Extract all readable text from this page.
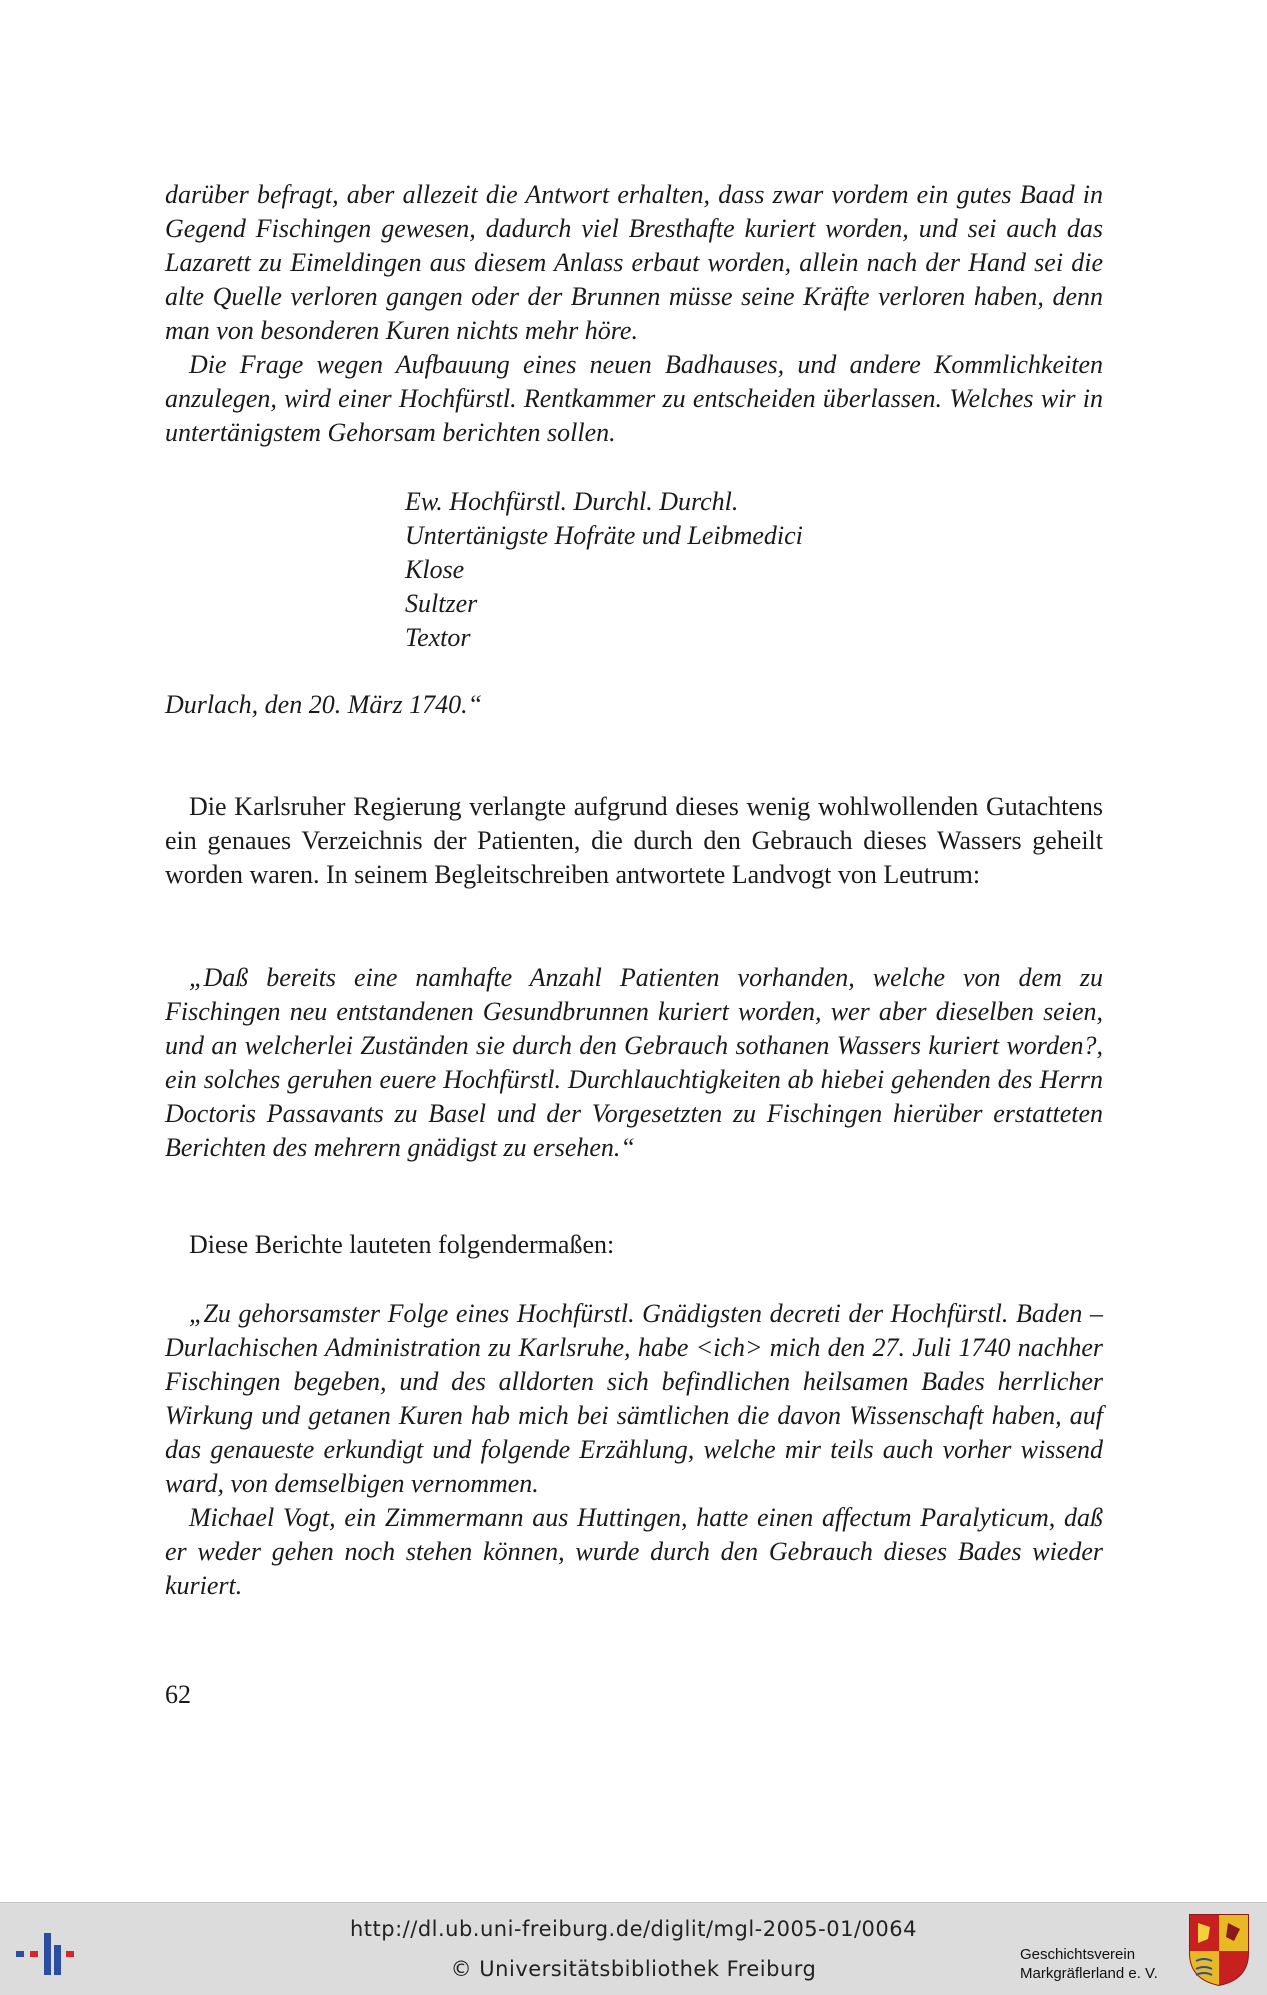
darüber befragt, aber allezeit die Antwort erhalten, dass zwar vordem ein gutes Baad in Gegend Fischingen gewesen, dadurch viel Bresthafte kuriert worden, und sei auch das Lazarett zu Eimeldingen aus diesem Anlass erbaut worden, allein nach der Hand sei die alte Quelle verloren gangen oder der Brunnen müsse seine Kräfte verloren haben, denn man von besonderen Kuren nichts mehr höre.

Die Frage wegen Aufbauung eines neuen Badhauses, und andere Kommlichkeiten anzulegen, wird einer Hochfürstl. Rentkammer zu entscheiden überlassen. Welches wir in untertänigstem Gehorsam berichten sollen.

Ew. Hochfürstl. Durchl. Durchl.
Untertänigste Hofräte und Leibmedici
Klose
Sultzer
Textor

Durlach, den 20. März 1740.“

Die Karlsruher Regierung verlangte aufgrund dieses wenig wohlwollenden Gutachtens ein genaues Verzeichnis der Patienten, die durch den Gebrauch dieses Wassers geheilt worden waren. In seinem Begleitschreiben antwortete Landvogt von Leutrum:

„Daß bereits eine namhafte Anzahl Patienten vorhanden, welche von dem zu Fischingen neu entstandenen Gesundbrunnen kuriert worden, wer aber dieselben seien, und an welcherlei Zuständen sie durch den Gebrauch sothanen Wassers kuriert worden?, ein solches geruhen euere Hochfürstl. Durchlauchtigkeiten ab hiebei gehenden des Herrn Doctoris Passavants zu Basel und der Vorgesetzten zu Fischingen hierüber erstatteten Berichten des mehrern gnädigst zu ersehen.“

Diese Berichte lauteten folgendermaßen:

„Zu gehorsamster Folge eines Hochfürstl. Gnädigsten decreti der Hochfürstl. Baden – Durlachischen Administration zu Karlsruhe, habe <ich> mich den 27. Juli 1740 nachher Fischingen begeben, und des alldorten sich befindlichen heilsamen Bades herrlicher Wirkung und getanen Kuren hab mich bei sämtlichen die davon Wissenschaft haben, auf das genaueste erkundigt und folgende Erzählung, welche mir teils auch vorher wissend ward, von demselbigen vernommen.

Michael Vogt, ein Zimmermann aus Huttingen, hatte einen affectum Paralyticum, daß er weder gehen noch stehen können, wurde durch den Gebrauch dieses Bades wieder kuriert.

62
http://dl.ub.uni-freiburg.de/diglit/mgl-2005-01/0064
© Universitätsbibliothek Freiburg
Geschichtsverein
Markgräflerland e. V.
